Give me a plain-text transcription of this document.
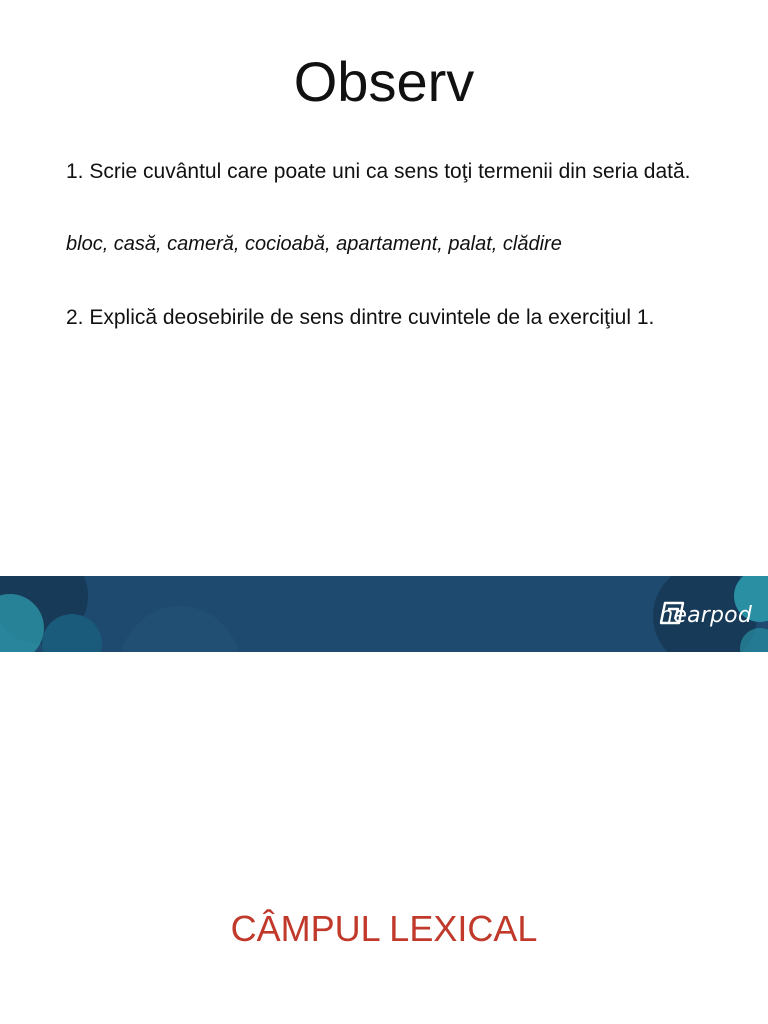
Observ
1. Scrie cuvântul care poate uni ca sens toţi termenii din seria dată.
bloc, casă, cameră, cocioabă, apartament, palat, clădire
2. Explică deosebirile de sens dintre cuvintele de la exerciţiul 1.
nearpod
CÂMPUL LEXICAL
